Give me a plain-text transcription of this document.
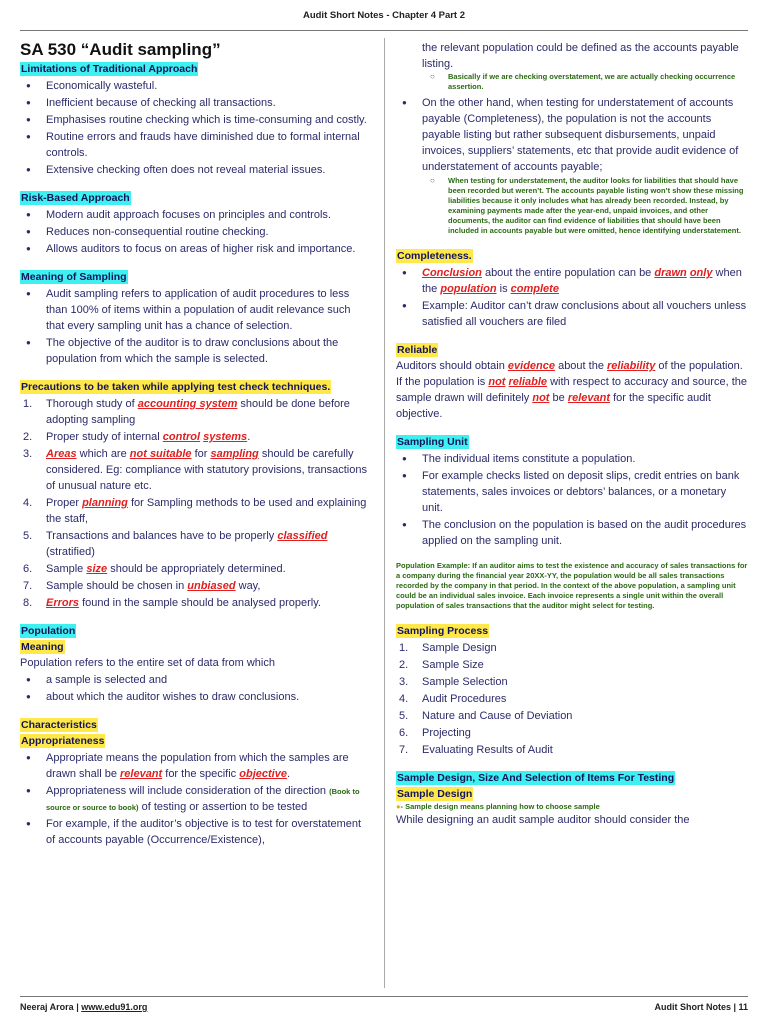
Audit Short Notes - Chapter 4 Part 2
SA 530 “Audit sampling”
Limitations of Traditional Approach
● Economically wasteful.
● Inefficient because of checking all transactions.
● Emphasises routine checking which is time-consuming and costly.
● Routine errors and frauds have diminished due to formal internal controls.
● Extensive checking often does not reveal material issues.
Risk-Based Approach
● Modern audit approach focuses on principles and controls.
● Reduces non-consequential routine checking.
● Allows auditors to focus on areas of higher risk and importance.
Meaning of Sampling
● Audit sampling refers to application of audit procedures to less than 100% of items within a population of audit relevance such that every sampling unit has a chance of selection.
● The objective of the auditor is to draw conclusions about the population from which the sample is selected.
Precautions to be taken while applying test check techniques.
1. Thorough study of accounting system should be done before adopting sampling
2. Proper study of internal control systems.
3. Areas which are not suitable for sampling should be carefully considered. Eg: compliance with statutory provisions, transactions of unusual nature etc.
4. Proper planning for Sampling methods to be used and explaining the staff,
5. Transactions and balances have to be properly classified (stratified)
6. Sample size should be appropriately determined.
7. Sample should be chosen in unbiased way,
8. Errors found in the sample should be analysed properly.
Population
Meaning

Population refers to the entire set of data from which

● a sample is selected and
● about which the auditor wishes to draw conclusions.
Characteristics
Appropriateness
● Appropriate means the population from which the samples are drawn shall be relevant for the specific objective.
● Appropriateness will include consideration of the direction (Book to source or source to book) of testing or assertion to be tested
● For example, if the auditor’s objective is to test for overstatement of accounts payable (Occurrence/Existence),

the relevant population could be defined as the accounts payable listing.

○ Basically if we are checking overstatement, we are actually checking occurrence assertion.
● On the other hand, when testing for understatement of accounts payable (Completeness), the population is not the accounts payable listing but rather subsequent disbursements, unpaid invoices, suppliers’ statements, etc that provide audit evidence of understatement of accounts payable;
○ When testing for understatement, the auditor looks for liabilities that should have been recorded but weren’t. The accounts payable listing won’t show these missing liabilities because it only includes what has already been recorded. Instead, by examining payments made after the year-end, unpaid invoices, and other documents, the auditor can find evidence of liabilities that should have been included in accounts payable but were omitted, hence identifying understatement.
Completeness.
● Conclusion about the entire population can be drawn only when the population is complete
● Example: Auditor can’t draw conclusions about all vouchers unless satisfied all vouchers are filed
Reliable

Auditors should obtain evidence about the reliability of the population. If the population is not reliable with respect to accuracy and source, the sample drawn will definitely not be relevant for the specific audit objective.

Sampling Unit
● The individual items constitute a population.
● For example checks listed on deposit slips, credit entries on bank statements, sales invoices or debtors’ balances, or a monetary unit.
● The conclusion on the population is based on the audit procedures applied on the sampling unit.

Population Example: If an auditor aims to test the existence and accuracy of sales transactions for a company during the financial year 20XX-YY, the population would be all sales transactions recorded by the company in that period. In the context of the above population, a sampling unit could be an individual sales invoice. Each invoice represents a single unit within the overall population of sales transactions that the auditor might select for testing.

Sampling Process
1. Sample Design
2. Sample Size
3. Sample Selection
4. Audit Procedures
5. Nature and Cause of Deviation
6. Projecting
7. Evaluating Results of Audit
Sample Design, Size And Selection of Items For Testing
Sample Design
●- Sample design means planning how to choose sample

While designing an audit sample auditor should consider the

Neeraj Arora | www.edu91.org	Audit Short Notes | 11
